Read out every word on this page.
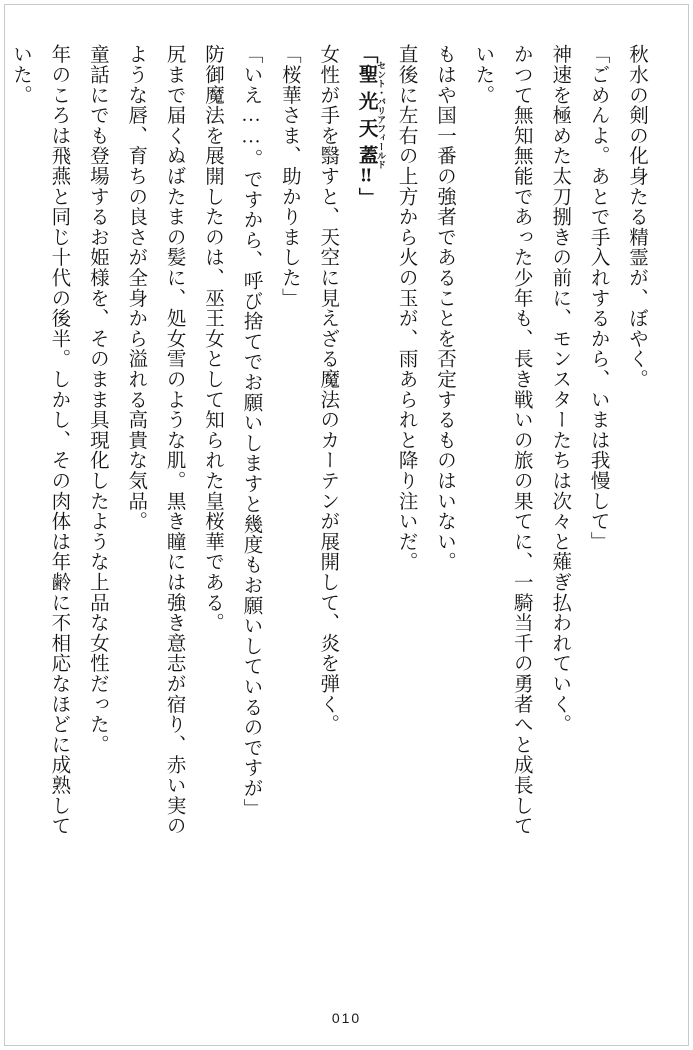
秋水の剣の化身たる精霊が、ぼやく。
「ごめんよ。あとで手入れするから、いまは我慢して」
神速を極めた太刀捌きの前に、モンスターたちは次々と薙ぎ払われていく。
かつて無知無能であった少年も、長き戦いの旅の果てに、一騎当千の勇者へと成長して
いた。
もはや国一番の強者であることを否定するものはいない。
直後に左右の上方から火の玉が、雨あられと降り注いだ。
「聖光天蓋 セント・バリアフィールド‼」
女性が手を翳すと、天空に見えざる魔法のカーテンが展開して、炎を弾く。
「桜華さま、助かりました」
「いえ……。ですから、呼び捨てでお願いしますと幾度もお願いしているのですが」
防御魔法を展開したのは、巫王女として知られた皇桜華である。
尻まで届くぬばたまの髪に、処女雪のような肌。黒き瞳には強き意志が宿り、赤い実の
ような唇、育ちの良さが全身から溢れる高貴な気品。
童話にでも登場するお姫様を、そのまま具現化したような上品な女性だった。
年のころは飛燕と同じ十代の後半。しかし、その肉体は年齢に不相応なほどに成熟して
いた。
010
